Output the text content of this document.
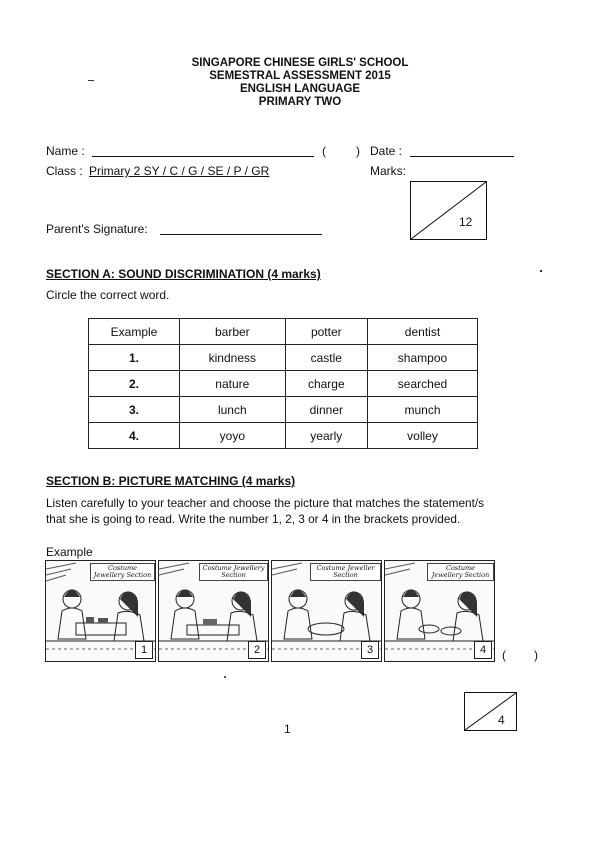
SINGAPORE CHINESE GIRLS' SCHOOL
SEMESTRAL ASSESSMENT 2015
ENGLISH LANGUAGE
PRIMARY TWO
Name :	(	) Date :
Class : Primary 2 SY / C / G / SE / P / GR	Marks:
12
Parent's Signature:
SECTION A: SOUND DISCRIMINATION (4 marks)
Circle the correct word.
Example	barber	potter	dentist
1.	kindness	castle	shampoo
2.	nature	charge	searched
3.	lunch	dinner	munch
4.	yoyo	yearly	volley
SECTION B: PICTURE MATCHING (4 marks)
Listen carefully to your teacher and choose the picture that matches the statement/s
that she is going to read. Write the number 1, 2, 3 or 4 in the brackets provided.
Example
Costume Jewellery Section
1
Costume Jewellery Section
2
Costume Jeweller Section
3
Costume Jewellery Section
4	( )
4
1
